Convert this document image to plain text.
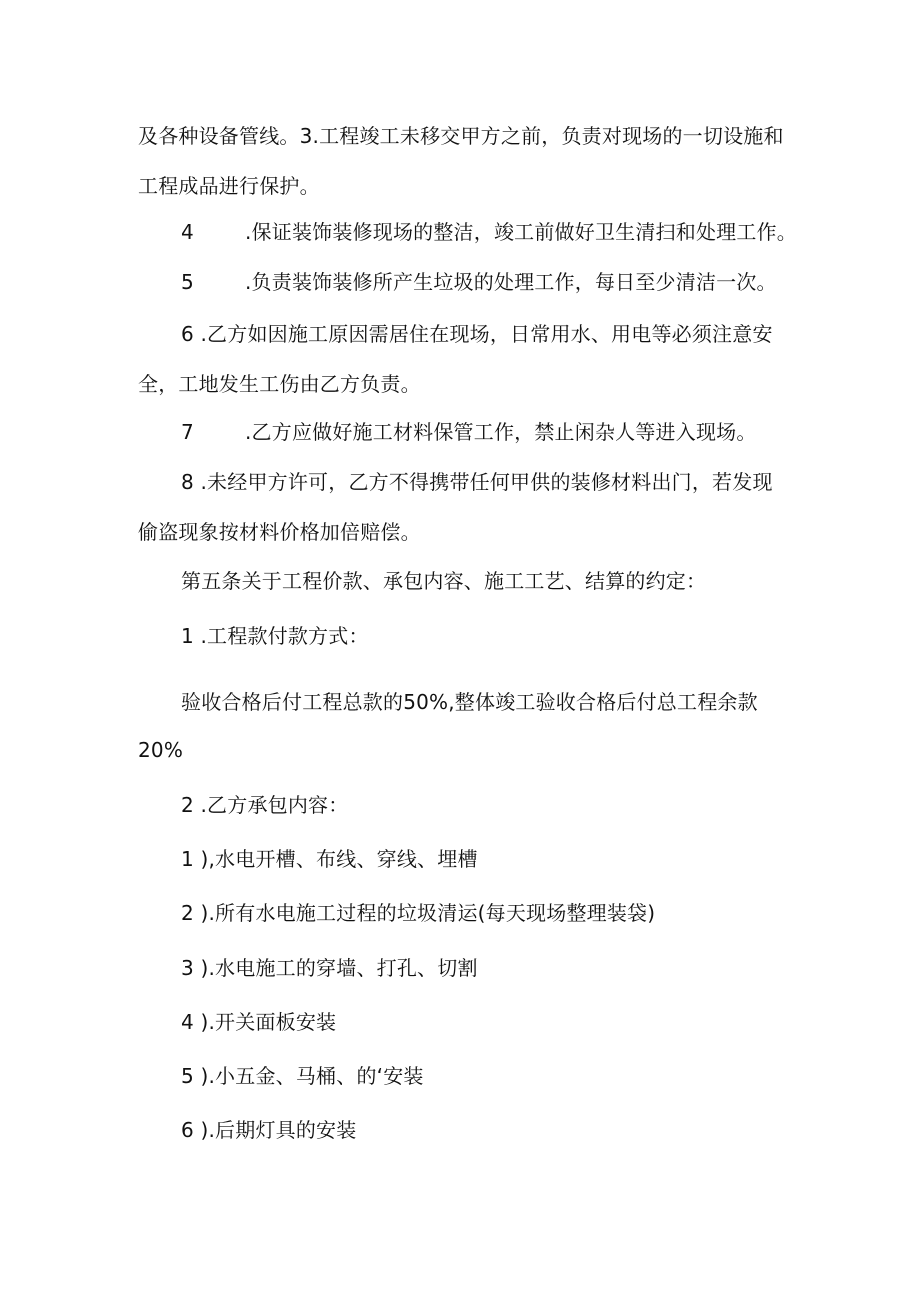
及各种设备管线。3.工程竣工未移交甲方之前，负责对现场的一切设施和
工程成品进行保护。
4	.保证装饰装修现场的整洁，竣工前做好卫生清扫和处理工作。
5	.负责装饰装修所产生垃圾的处理工作，每日至少清洁一次。
6 .乙方如因施工原因需居住在现场，日常用水、用电等必须注意安
全，工地发生工伤由乙方负责。
7	.乙方应做好施工材料保管工作，禁止闲杂人等进入现场。
8 .未经甲方许可，乙方不得携带任何甲供的装修材料出门，若发现
偷盗现象按材料价格加倍赔偿。
第五条关于工程价款、承包内容、施工工艺、结算的约定：
1 .工程款付款方式：
验收合格后付工程总款的50%,整体竣工验收合格后付总工程余款
20%
2 .乙方承包内容：
1 ),水电开槽、布线、穿线、埋槽
2 ).所有水电施工过程的垃圾清运(每天现场整理装袋)
3 ).水电施工的穿墙、打孔、切割
4 ).开关面板安装
5 ).小五金、马桶、的‘安装
6 ).后期灯具的安装
